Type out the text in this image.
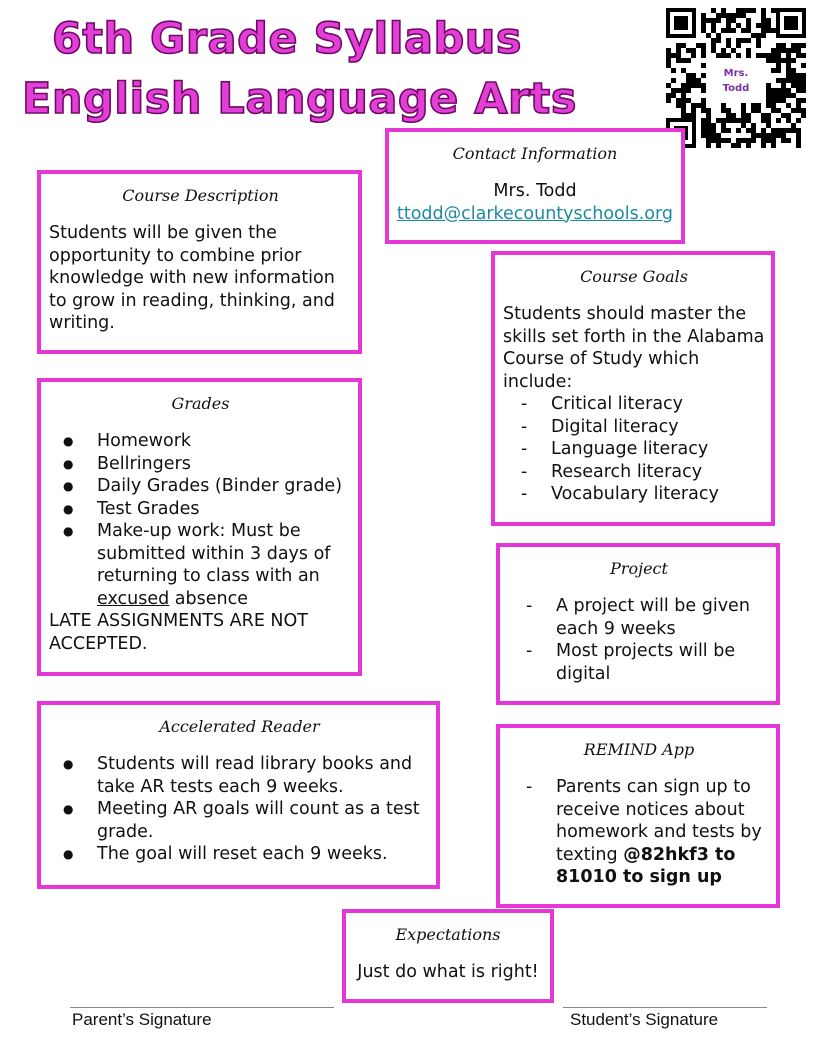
6th Grade Syllabus
English Language Arts
Mrs.
Todd
Contact Information
Mrs. Todd
ttodd@clarkecountyschools.org
Course Description
Students will be given the opportunity to combine prior knowledge with new information to grow in reading, thinking, and writing.
Course Goals
Students should master the skills set forth in the Alabama Course of Study which include:
- Critical literacy
- Digital literacy
- Language literacy
- Research literacy
- Vocabulary literacy
Grades
● Homework
● Bellringers
● Daily Grades (Binder grade)
● Test Grades
● Make-up work: Must be submitted within 3 days of returning to class with an excused absence
LATE ASSIGNMENTS ARE NOT ACCEPTED.
Project
- A project will be given each 9 weeks
- Most projects will be digital
Accelerated Reader
● Students will read library books and take AR tests each 9 weeks.
● Meeting AR goals will count as a test grade.
● The goal will reset each 9 weeks.
REMIND App
- Parents can sign up to receive notices about homework and tests by texting @82hkf3 to 81010 to sign up
Expectations
Just do what is right!
Parent’s Signature	Student’s Signature
